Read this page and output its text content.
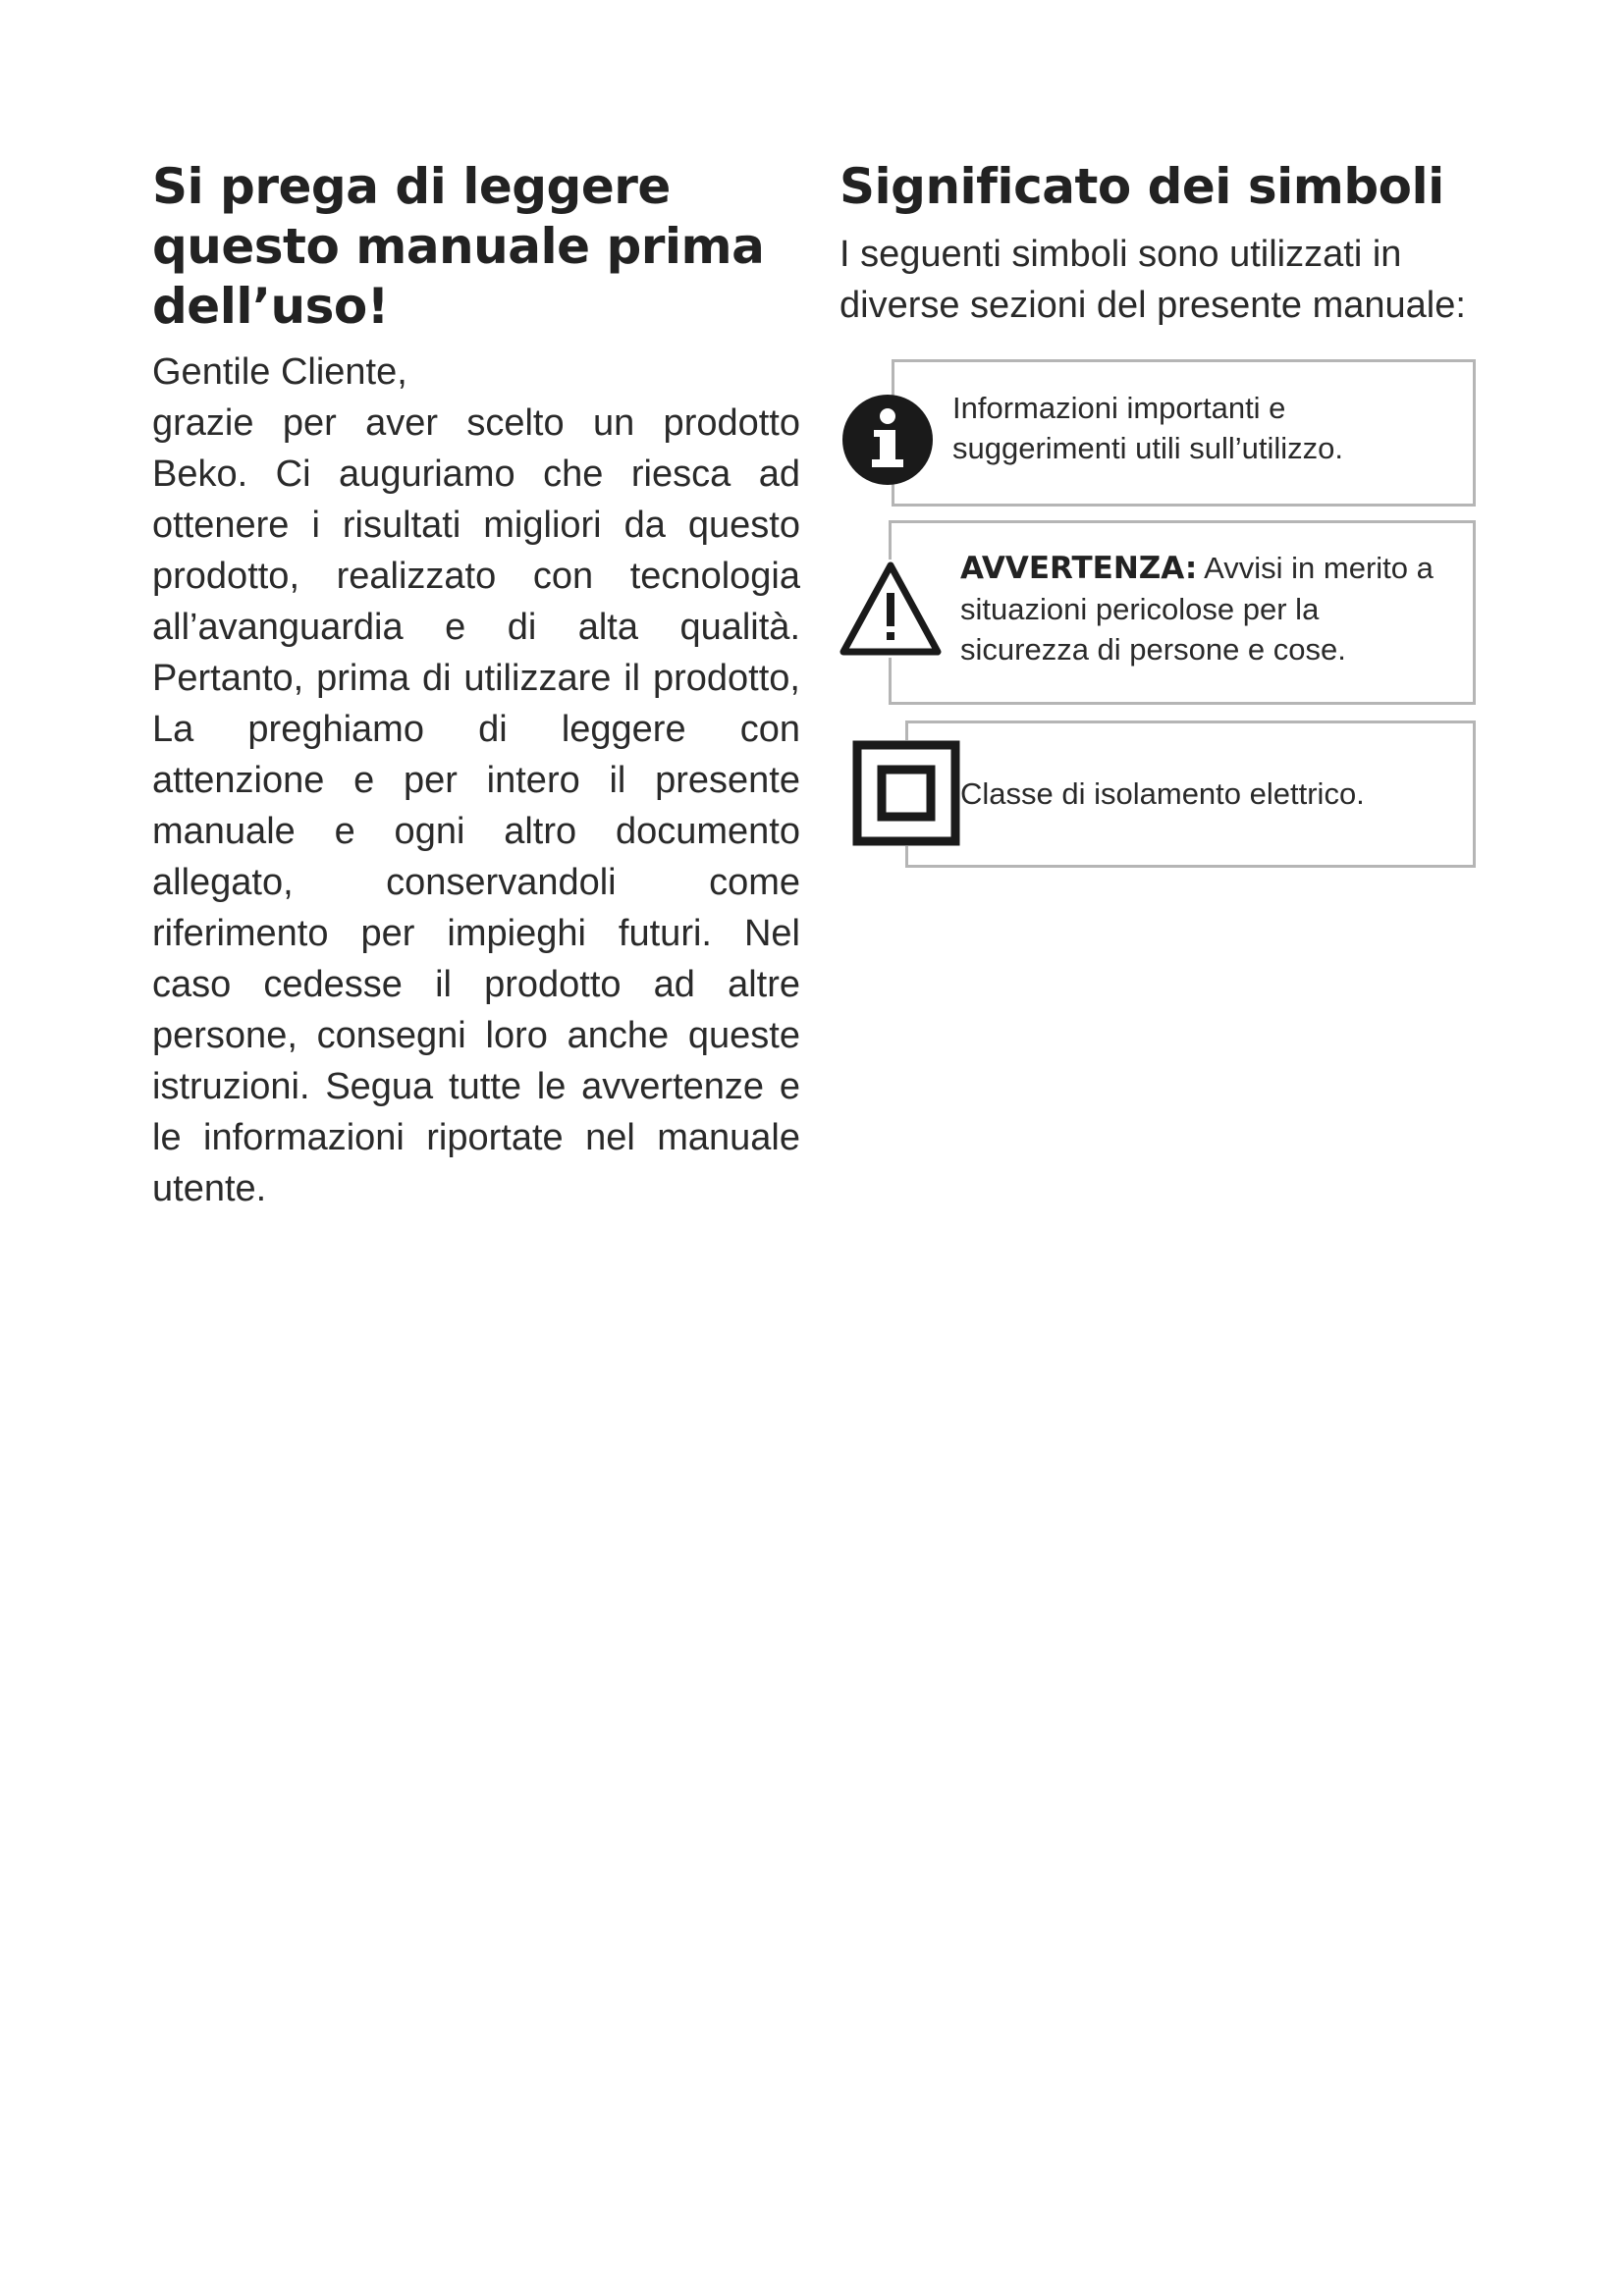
Si prega di leggere questo manuale prima dell’uso!

Gentile Cliente,

grazie per aver scelto un prodotto Beko. Ci auguriamo che riesca ad ottenere i risultati migliori da questo prodotto, realizzato con tecnologia all’avanguardia e di alta qualità. Pertanto, prima di utilizzare il prodotto, La preghiamo di leggere con attenzione e per intero il presente manuale e ogni altro documento allegato, conservandoli come riferimento per impieghi futuri. Nel caso cedesse il prodotto ad altre persone, consegni loro anche queste istruzioni. Segua tutte le avvertenze e le informazioni riportate nel manuale utente.

Significato dei simboli

I seguenti simboli sono utilizzati in diverse sezioni del presente manuale:

Informazioni importanti e suggerimenti utili sull’utilizzo.
AVVERTENZA: Avvisi in merito a situazioni pericolose per la sicurezza di persone e cose.
Classe di isolamento elettrico.
